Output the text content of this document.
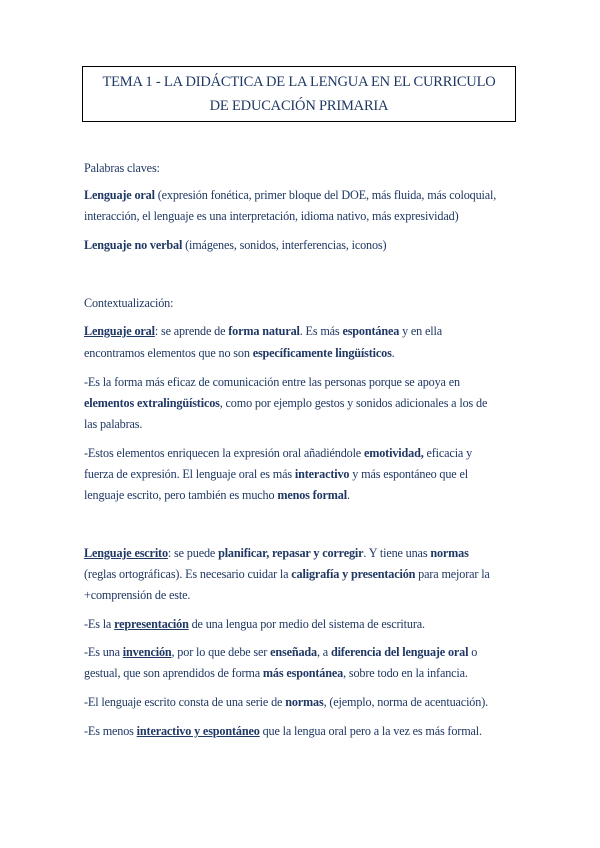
TEMA 1 - LA DIDÁCTICA DE LA LENGUA EN EL CURRICULO
DE EDUCACIÓN PRIMARIA
Palabras claves:
Lenguaje oral (expresión fonética, primer bloque del DOE, más fluida, más coloquial,
interacción, el lenguaje es una interpretación, idioma nativo, más expresividad)
Lenguaje no verbal (imágenes, sonidos, interferencias, iconos)
Contextualización:
Lenguaje oral: se aprende de forma natural. Es más espontánea y en ella
encontramos elementos que no son específicamente lingüísticos.
-Es la forma más eficaz de comunicación entre las personas porque se apoya en
elementos extralingüísticos, como por ejemplo gestos y sonidos adicionales a los de
las palabras.
-Estos elementos enriquecen la expresión oral añadiéndole emotividad, eficacia y
fuerza de expresión. El lenguaje oral es más interactivo y más espontáneo que el
lenguaje escrito, pero también es mucho menos formal.
Lenguaje escrito: se puede planificar, repasar y corregir. Y tiene unas normas
(reglas ortográficas). Es necesario cuidar la caligrafía y presentación para mejorar la
+comprensión de este.
-Es la representación de una lengua por medio del sistema de escritura.
-Es una invención, por lo que debe ser enseñada, a diferencia del lenguaje oral o
gestual, que son aprendidos de forma más espontánea, sobre todo en la infancia.
-El lenguaje escrito consta de una serie de normas, (ejemplo, norma de acentuación).
-Es menos interactivo y espontáneo que la lengua oral pero a la vez es más formal.
